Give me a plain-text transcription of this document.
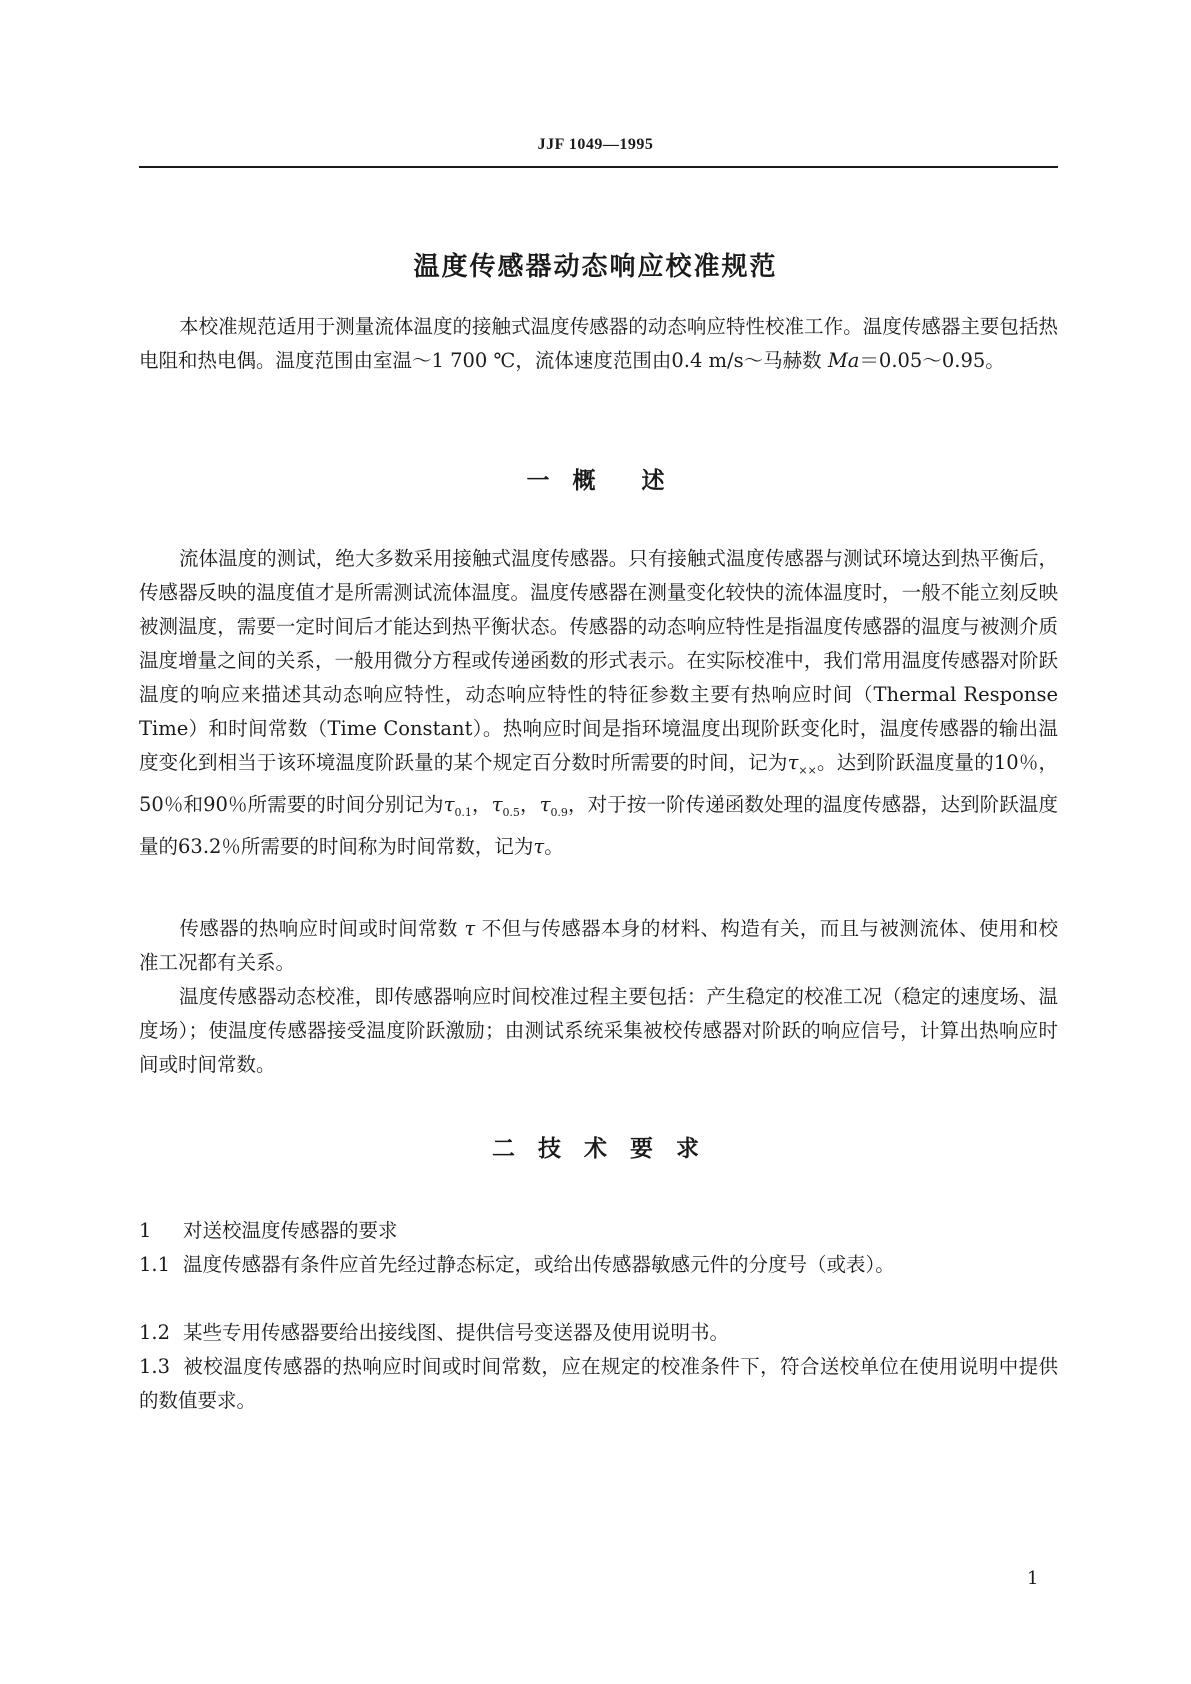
JJF 1049—1995
温度传感器动态响应校准规范
本校准规范适用于测量流体温度的接触式温度传感器的动态响应特性校准工作。温度传感器主要包括热电阻和热电偶。温度范围由室温～1 700 ℃，流体速度范围由0.4 m/s～马赫数 Ma＝0.05～0.95。
一　概　　述
流体温度的测试，绝大多数采用接触式温度传感器。只有接触式温度传感器与测试环境达到热平衡后，传感器反映的温度值才是所需测试流体温度。温度传感器在测量变化较快的流体温度时，一般不能立刻反映被测温度，需要一定时间后才能达到热平衡状态。传感器的动态响应特性是指温度传感器的温度与被测介质温度增量之间的关系，一般用微分方程或传递函数的形式表示。在实际校准中，我们常用温度传感器对阶跃温度的响应来描述其动态响应特性，动态响应特性的特征参数主要有热响应时间（Thermal Response Time）和时间常数（Time Constant）。热响应时间是指环境温度出现阶跃变化时，温度传感器的输出温度变化到相当于该环境温度阶跃量的某个规定百分数时所需要的时间，记为$\tau_{\times\times}$。达到阶跃温度量的10％，50％和90％所需要的时间分别记为$\tau_{0.1}$，$\tau_{0.5}$，$\tau_{0.9}$，对于按一阶传递函数处理的温度传感器，达到阶跃温度量的63.2％所需要的时间称为时间常数，记为τ。
传感器的热响应时间或时间常数 τ 不但与传感器本身的材料、构造有关，而且与被测流体、使用和校准工况都有关系。
温度传感器动态校准，即传感器响应时间校准过程主要包括：产生稳定的校准工况（稳定的速度场、温度场）；使温度传感器接受温度阶跃激励；由测试系统采集被校传感器对阶跃的响应信号，计算出热响应时间或时间常数。
二　技　术　要　求
1 对送校温度传感器的要求
1.1 温度传感器有条件应首先经过静态标定，或给出传感器敏感元件的分度号（或表）。
1.2 某些专用传感器要给出接线图、提供信号变送器及使用说明书。
1.3 被校温度传感器的热响应时间或时间常数，应在规定的校准条件下，符合送校单位在使用说明中提供的数值要求。
1
